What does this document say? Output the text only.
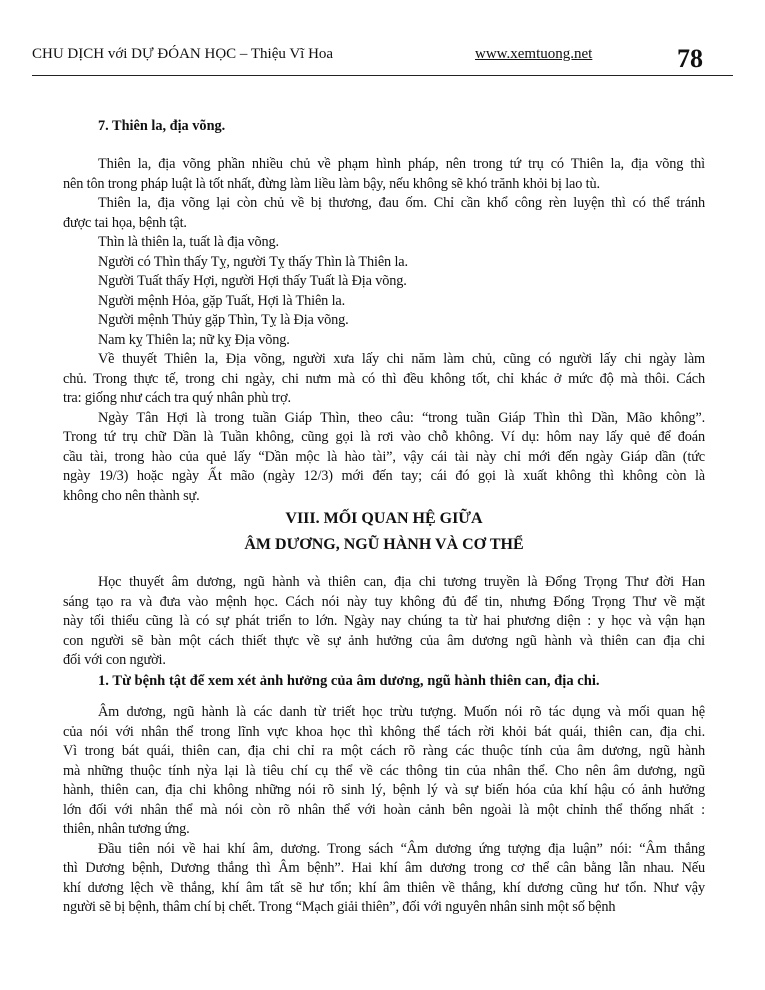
CHU DỊCH với DỰ ĐÓAN HỌC – Thiệu Vĩ Hoa	www.xemtuong.net	78
7. Thiên la, địa võng.
Thiên la, địa võng phần nhiều chủ về phạm hình pháp, nên trong tứ trụ có Thiên la, địa võng thì
nên tôn trong pháp luật là tốt nhất, đừng làm liều làm bậy, nếu không sẽ khó trănh khỏi bị lao tù.
Thiên la, địa võng lại còn chủ về bị thương, đau ốm. Chỉ cần khổ công rèn luyện thì có thể tránh
được tai họa, bệnh tật.
Thìn là thiên la, tuất là địa võng.
Người có Thìn thấy Tỵ, người Tỵ thấy Thìn là Thiên la.
Người Tuất thấy Hợi, người Hợi thấy Tuất là Địa võng.
Người mệnh Hỏa, gặp Tuất, Hợi là Thiên la.
Người mệnh Thủy gặp Thìn, Tỵ là Địa võng.
Nam kỵ Thiên la; nữ kỵ Địa võng.
Về thuyết Thiên la, Địa võng, người xưa lấy chi năm làm chủ, cũng có người lấy chi ngày làm
chủ. Trong thực tế, trong chi ngày, chi nưm mà có thì đều không tốt, chỉ khác ở mức độ mà thôi. Cách
tra: giống như cách tra quý nhân phù trợ.
Ngày Tân Hợi là trong tuần Giáp Thìn, theo câu: “trong tuần Giáp Thìn thì Dần, Mão không”.
Trong tứ trụ chữ Dần là Tuần không, cũng gọi là rơi vào chỗ không. Ví dụ: hôm nay lấy quẻ để đoán
cầu tài, trong hào của quẻ lấy “Dần mộc là hào tài”, vậy cái tài này chỉ mới đến ngày Giáp dần (tức
ngày 19/3) hoặc ngày Ất mão (ngày 12/3) mới đến tay; cái đó gọi là xuất không thì không còn là
không cho nên thành sự.
VIII. MỐI QUAN HỆ GIỮA
ÂM DƯƠNG, NGŨ HÀNH VÀ CƠ THỂ
Học thuyết âm dương, ngũ hành và thiên can, địa chi tương truyền là Đổng Trọng Thư đời Han
sáng tạo ra và đưa vào mệnh học. Cách nói này tuy không đủ để tin, nhưng Đổng Trọng Thư về mặt
này tối thiểu cũng là có sự phát triển to lớn. Ngày nay chúng ta từ hai phương diện : y học và vận hạn
con người sẽ bàn một cách thiết thực về sự ảnh hưởng của âm dương ngũ hành và thiên can địa chi
đối với con người.
1. Từ bệnh tật để xem xét ảnh hưởng của âm dương, ngũ hành thiên can, địa chi.
Âm dương, ngũ hành là các danh từ triết học trừu tượng. Muốn nói rõ tác dụng và mối quan hệ
của nói với nhân thể trong lĩnh vực khoa học thì không thể tách rời khỏi bát quái, thiên can, địa chi.
Vì trong bát quái, thiên can, địa chi chỉ ra một cách rõ ràng các thuộc tính của âm dương, ngũ hành
mà những thuộc tính nỳa lại là tiêu chí cụ thể về các thông tin của nhân thể. Cho nên âm dương, ngũ
hành, thiên can, địa chi không những nói rõ sinh lý, bệnh lý và sự biến hóa của khí hậu có ảnh hưởng
lớn đối với nhân thể mà nói còn rõ nhân thể với hoàn cảnh bên ngoài là một chỉnh thể thống nhất :
thiên, nhân tương ứng.
Đầu tiên nói về hai khí âm, dương. Trong sách “Âm dương ứng tượng địa luận” nói: “Âm thắng
thì Dương bệnh, Dương thắng thì Âm bệnh”. Hai khí âm dương trong cơ thể cân bằng lẫn nhau. Nếu
khí dương lệch về thắng, khí âm tất sẽ hư tổn; khí âm thiên về thắng, khí dương cũng hư tổn. Như vậy
người sẽ bị bệnh, thâm chí bị chết. Trong “Mạch giải thiên”, đối với nguyên nhân sinh một số bệnh
